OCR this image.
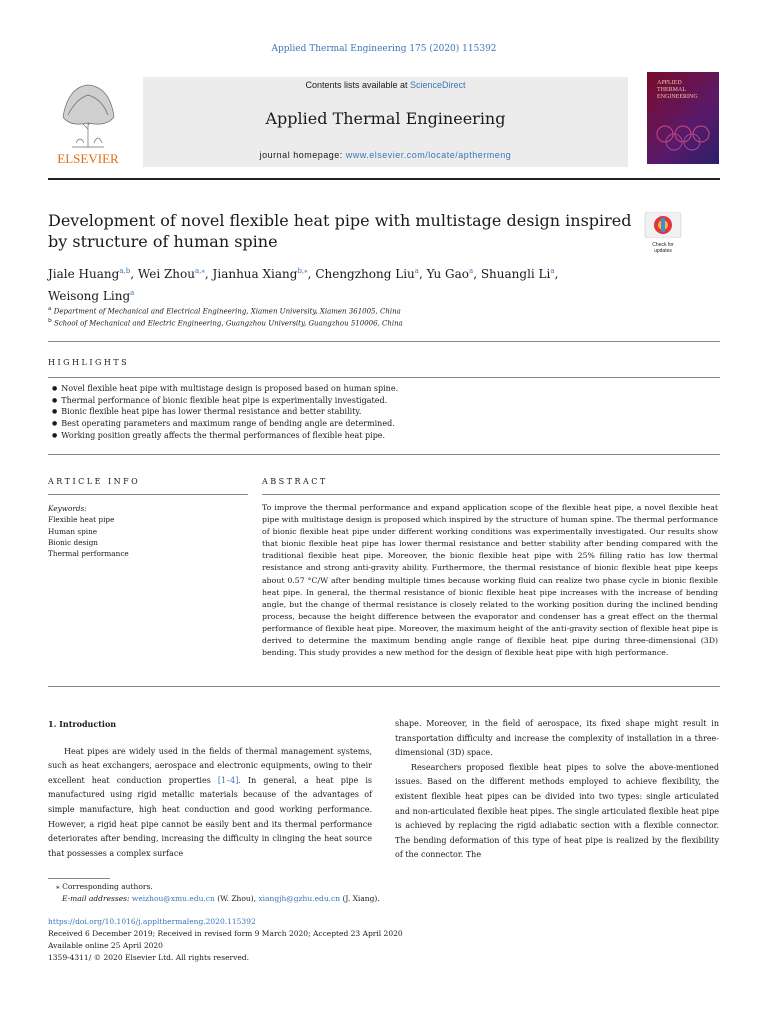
Applied Thermal Engineering 175 (2020) 115392
ELSEVIER
Contents lists available at ScienceDirect
Applied Thermal Engineering
journal homepage: www.elsevier.com/locate/apthermeng
APPLIED THERMAL ENGINEERING
Development of novel flexible heat pipe with multistage design inspired by structure of human spine	Check for updates
Jiale Huang$^{a,b}$, Wei Zhou$^{a,⁎}$, Jianhua Xiang$^{b,⁎}$, Chengzhong Liu$^a$, Yu Gao$^a$, Shuangli Li$^a$,
Weisong Ling$^a$
$^a$ Department of Mechanical and Electrical Engineering, Xiamen University, Xiamen 361005, China
$^b$ School of Mechanical and Electric Engineering, Guangzhou University, Guangzhou 510006, China
HIGHLIGHTS
● Novel flexible heat pipe with multistage design is proposed based on human spine.
● Thermal performance of bionic flexible heat pipe is experimentally investigated.
● Bionic flexible heat pipe has lower thermal resistance and better stability.
● Best operating parameters and maximum range of bending angle are determined.
● Working position greatly affects the thermal performances of flexible heat pipe.
ARTICLE INFO
Keywords:
Flexible heat pipe
Human spine
Bionic design
Thermal performance
ABSTRACT
To improve the thermal performance and expand application scope of the flexible heat pipe, a novel flexible heat pipe with multistage design is proposed which inspired by the structure of human spine. The thermal performance of bionic flexible heat pipe under different working conditions was experimentally investigated. Our results show that bionic flexible heat pipe has lower thermal resistance and better stability after bending compared with the traditional flexible heat pipe. Moreover, the bionic flexible heat pipe with 25% filling ratio has low thermal resistance and strong anti-gravity ability. Furthermore, the thermal resistance of bionic flexible heat pipe keeps about 0.57 °C/W after bending multiple times because working fluid can realize two phase cycle in bionic flexible heat pipe. In general, the thermal resistance of bionic flexible heat pipe increases with the increase of bending angle, but the change of thermal resistance is closely related to the working position during the inclined bending process, because the height difference between the evaporator and condenser has a great effect on the thermal performance of flexible heat pipe. Moreover, the maximum height of the anti-gravity section of flexible heat pipe is derived to determine the maximum bending angle range of flexible heat pipe during three-dimensional (3D) bending. This study provides a new method for the design of flexible heat pipe with high performance.
1. Introduction

Heat pipes are widely used in the fields of thermal management systems, such as heat exchangers, aerospace and electronic equipments, owing to their excellent heat conduction properties [1–4]. In general, a heat pipe is manufactured using rigid metallic materials because of the advantages of simple manufacture, high heat conduction and good working performance. However, a rigid heat pipe cannot be easily bent and its thermal performance deteriorates after bending, increasing the difficulty in clinging the heat source that possesses a complex surface

shape. Moreover, in the field of aerospace, its fixed shape might result in transportation difficulty and increase the complexity of installation in a three-dimensional (3D) space.

Researchers proposed flexible heat pipes to solve the above-mentioned issues. Based on the different methods employed to achieve flexibility, the existent flexible heat pipes can be divided into two types: single articulated and non-articulated flexible heat pipes. The single articulated flexible heat pipe is achieved by replacing the rigid adiabatic section with a flexible connector. The bending deformation of this type of heat pipe is realized by the flexibility of the connector. The

⁎ Corresponding authors.
E-mail addresses: weizhou@xmu.edu.cn (W. Zhou), xiangjh@gzhu.edu.cn (J. Xiang).
https://doi.org/10.1016/j.applthermaleng.2020.115392
Received 6 December 2019; Received in revised form 9 March 2020; Accepted 23 April 2020
Available online 25 April 2020
1359-4311/ © 2020 Elsevier Ltd. All rights reserved.
